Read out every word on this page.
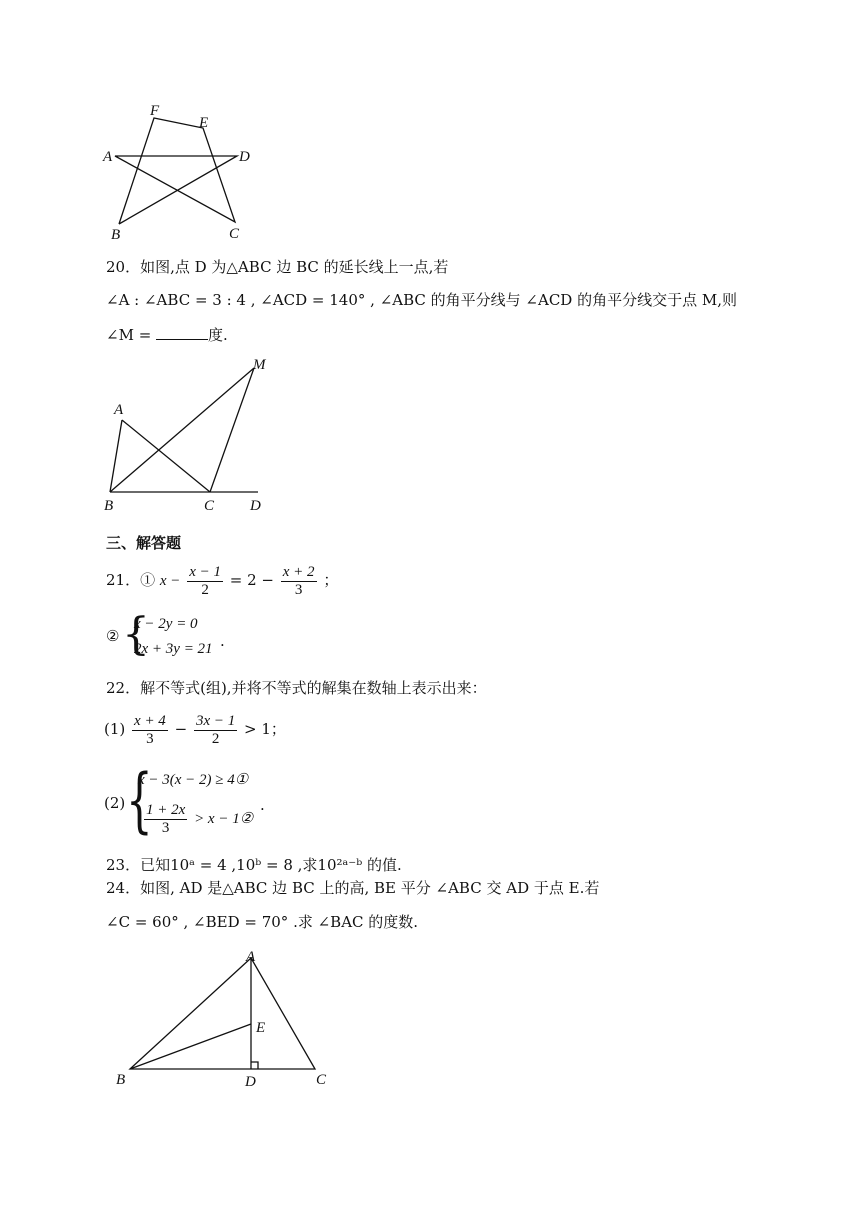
F
E
A	D
B	C
20．如图,点 D 为△ABC 边 BC 的延长线上一点,若
∠A : ∠ABC = 3 : 4 , ∠ACD = 140° , ∠ABC 的角平分线与 ∠ACD 的角平分线交于点 M,则
∠M =	度.
M
A
B	C D
三、解答题
21．① $x - \frac{x - 1}{2} = 2 - \frac{x + 2}{3}$ ；
② {
x − 2y = 0
2x + 3y = 21 .
22．解不等式(组),并将不等式的解集在数轴上表示出来：
$(1) \frac{x + 4}{3} - \frac{3x - 1}{2} > 1$；
(2) {
x − 3(x − 2) ≥ 4①
$\frac{1 + 2x}{3} > x$ − 1②
.
23．已知10ᵃ = 4 ,10ᵇ = 8 ,求10²ᵃ⁻ᵇ 的值.
24．如图, AD 是△ABC 边 BC 上的高, BE 平分 ∠ABC 交 AD 于点 E.若
∠C = 60° , ∠BED = 70° .求 ∠BAC 的度数.
A
E
B	D	C
